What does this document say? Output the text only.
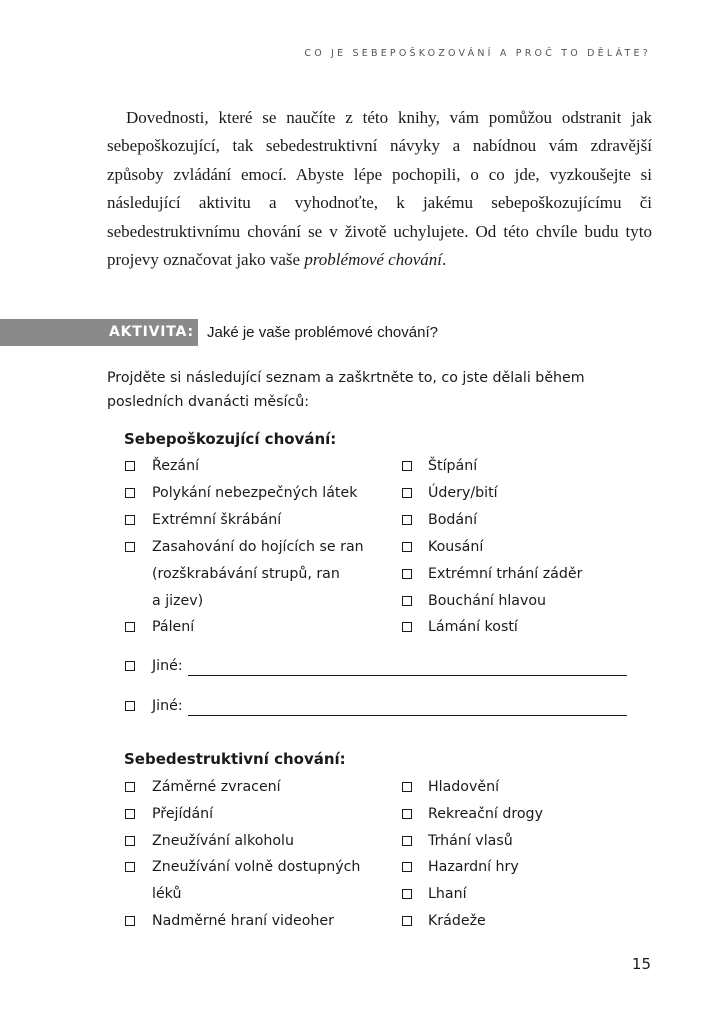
CO JE SEBEPOŠKOZOVÁNÍ A PROČ TO DĚLÁTE?

Dovednosti, které se naučíte z této knihy, vám pomůžou odstranit jak sebepoškozující, tak sebedestruktivní návyky a nabídnou vám zdravější způsoby zvládání emocí. Abyste lépe pochopili, o co jde, vyzkoušejte si následující aktivitu a vyhodnoťte, k jakému sebepoškozujícímu či sebedestruktivnímu chování se v životě uchylujete. Od této chvíle budu tyto projevy označovat jako vaše problémové chování.

AKTIVITA: Jaké je vaše problémové chování?

Projděte si následující seznam a zaškrtněte to, co jste dělali během posledních dvanácti měsíců:

Sebepoškozující chování:
Řezání
Polykání nebezpečných látek
Extrémní škrábání
Zasahování do hojících se ran
(rozškrabávání strupů, ran
a jizev)
Pálení
Štípání
Údery/bití
Bodání
Kousání
Extrémní trhání záděr
Bouchání hlavou
Lámání kostí
Jiné:
Jiné:
Sebedestruktivní chování:
Záměrné zvracení
Přejídání
Zneužívání alkoholu
Zneužívání volně dostupných
léků
Nadměrné hraní videoher
Hladovění
Rekreační drogy
Trhání vlasů
Hazardní hry
Lhaní
Krádeže
15
